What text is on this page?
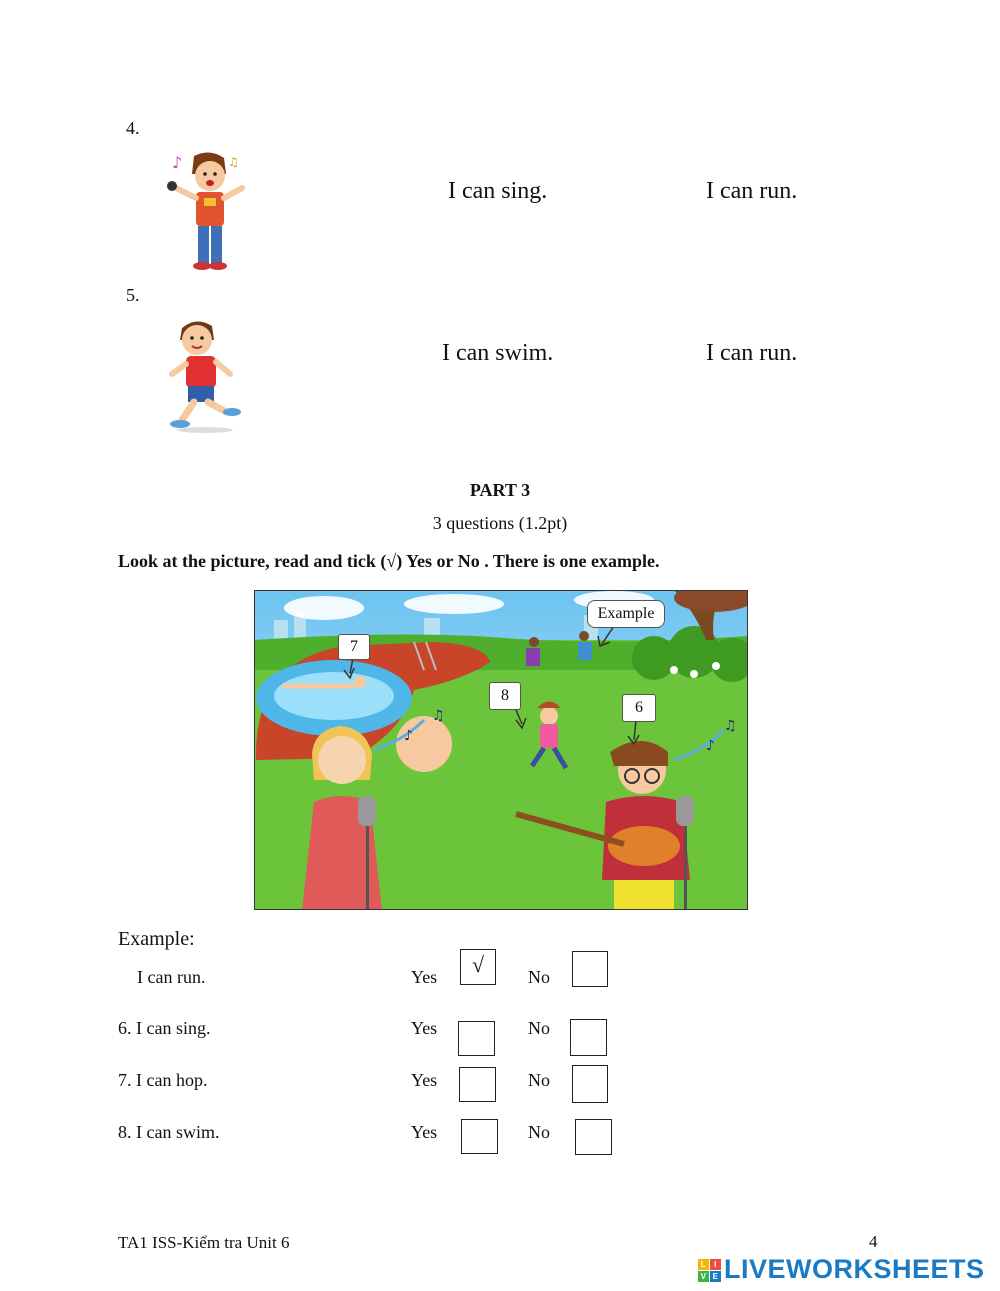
4.
♪	♫
I can sing.	I can run.
5.
I can swim.	I can run.
PART 3
3 questions (1.2pt)
Look at the picture, read and tick (√) Yes or No . There is one example.
♪
♫
♪
♫
Example
7
8
6
Example:
I can run.	Yes	√	No
6. I can sing.	Yes	No
7. I can hop.	Yes	No
8. I can swim.	Yes	No
TA1 ISS-Kiểm tra Unit 6	4
L I
V E LIVEWORKSHEETS
